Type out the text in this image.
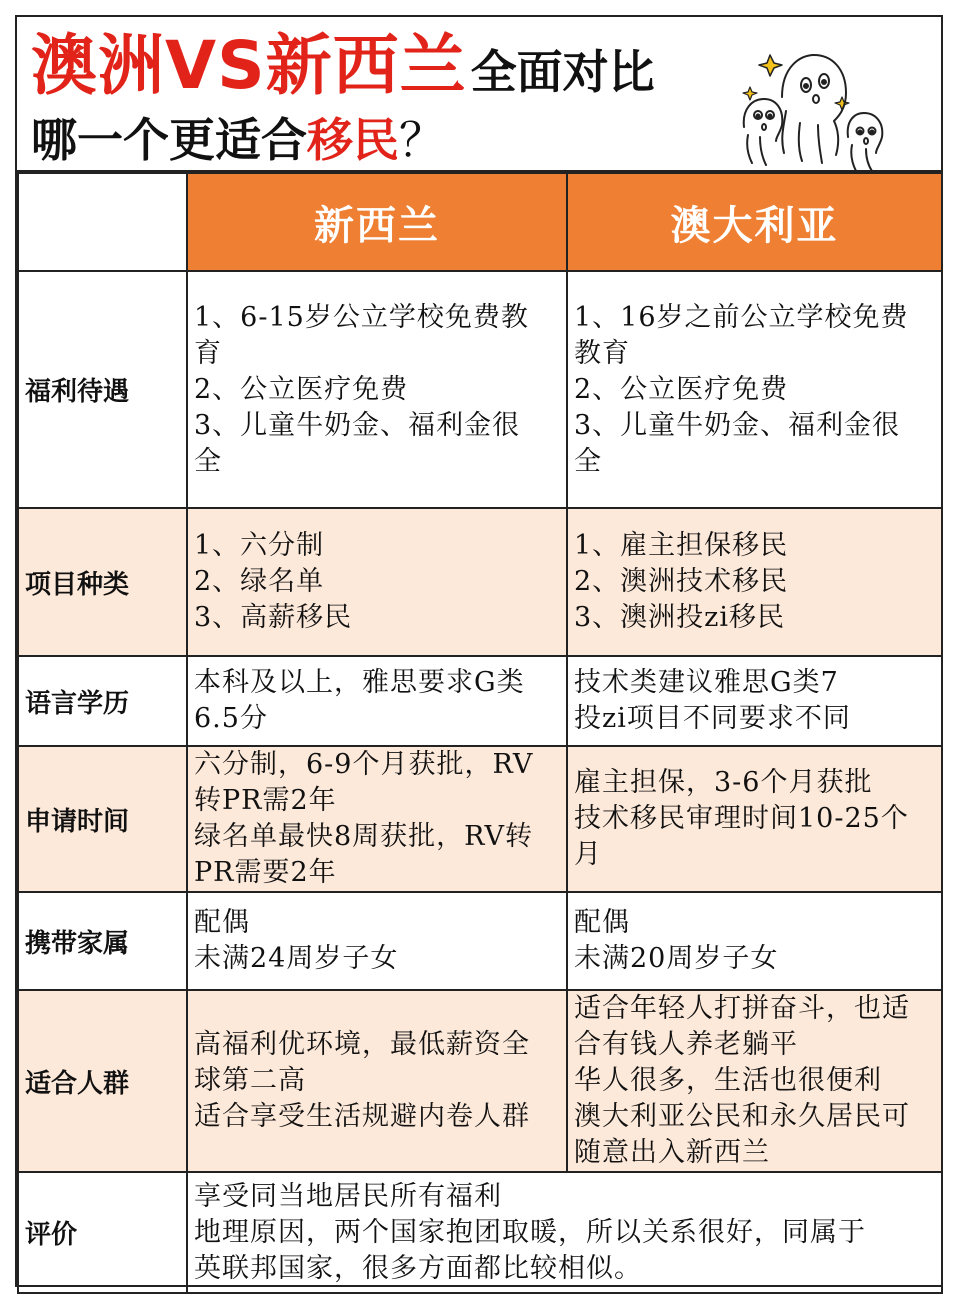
澳洲VS新西兰全面对比
哪一个更适合移民？
	新西兰	澳大利亚
福利待遇	1、6-15岁公立学校免费教
育
2、公立医疗免费
3、儿童牛奶金、福利金很
全	1、16岁之前公立学校免费
教育
2、公立医疗免费
3、儿童牛奶金、福利金很
全

项目种类	1、六分制
2、绿名单
3、高薪移民	1、雇主担保移民
2、澳洲技术移民
3、澳洲投zi移民

语言学历	本科及以上，雅思要求G类
6.5分	技术类建议雅思G类7
投zi项目不同要求不同

申请时间	六分制，6-9个月获批，RV
转PR需2年
绿名单最快8周获批，RV转
PR需要2年	雇主担保，3-6个月获批
技术移民审理时间10-25个
月

携带家属	配偶
未满24周岁子女	配偶
未满20周岁子女

适合人群	高福利优环境，最低薪资全
球第二高
适合享受生活规避内卷人群	适合年轻人打拼奋斗，也适
合有钱人养老躺平
华人很多，生活也很便利
澳大利亚公民和永久居民可
随意出入新西兰

评价	享受同当地居民所有福利
地理原因，两个国家抱团取暖，所以关系很好，同属于
英联邦国家，很多方面都比较相似。	
